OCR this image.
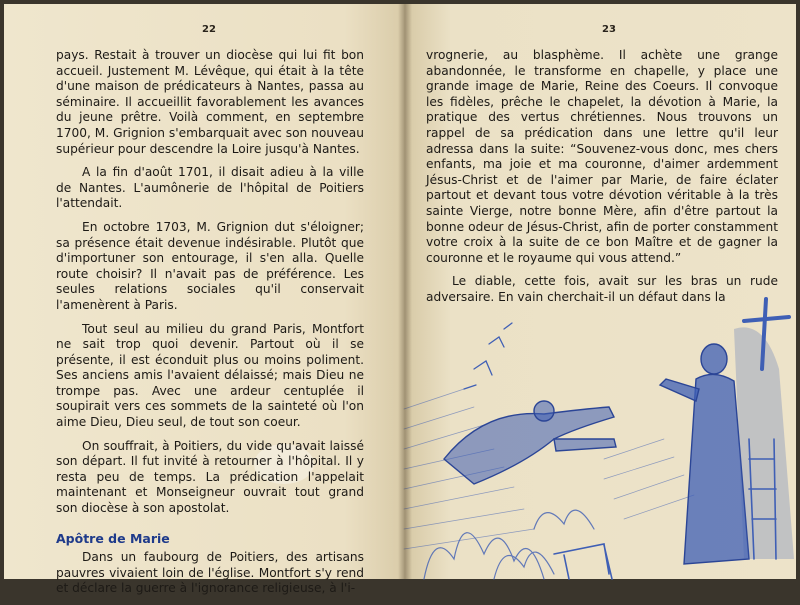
22

pays. Restait à trouver un diocèse qui lui fit bon accueil. Justement M. Lévêque, qui était à la tête d'une maison de prédicateurs à Nantes, passa au séminaire. Il accueillit favorablement les avances du jeune prêtre. Voilà comment, en septembre 1700, M. Grignion s'embarquait avec son nouveau supérieur pour descendre la Loire jusqu'à Nantes.

A la fin d'août 1701, il disait adieu à la ville de Nantes. L'aumônerie de l'hôpital de Poitiers l'attendait.

En octobre 1703, M. Grignion dut s'éloigner; sa présence était devenue indésirable. Plutôt que d'importuner son entourage, il s'en alla. Quelle route choisir? Il n'avait pas de préférence. Les seules relations sociales qu'il conservait l'amenèrent à Paris.

Tout seul au milieu du grand Paris, Montfort ne sait trop quoi devenir. Partout où il se présente, il est éconduit plus ou moins poliment. Ses anciens amis l'avaient délaissé; mais Dieu ne trompe pas. Avec une ardeur centuplée il soupirait vers ces sommets de la sainteté où l'on aime Dieu, Dieu seul, de tout son coeur.

On souffrait, à Poitiers, du vide qu'avait laissé son départ. Il fut invité à retourner à l'hôpital. Il y resta peu de temps. La prédication l'appelait maintenant et Monseigneur ouvrait tout grand son diocèse à son apostolat.

Apôtre de Marie

Dans un faubourg de Poitiers, des artisans pauvres vivaient loin de l'église. Montfort s'y rend et déclare la guerre à l'ignorance religieuse, à l'i-

23

vrognerie, au blasphème. Il achète une grange abandonnée, le transforme en chapelle, y place une grande image de Marie, Reine des Coeurs. Il convoque les fidèles, prêche le chapelet, la dévotion à Marie, la pratique des vertus chrétiennes. Nous trouvons un rappel de sa prédication dans une lettre qu'il leur adressa dans la suite: “Souvenez-vous donc, mes chers enfants, ma joie et ma couronne, d'aimer ardemment Jésus-Christ et de l'aimer par Marie, de faire éclater partout et devant tous votre dévotion véritable à la très sainte Vierge, notre bonne Mère, afin d'être partout la bonne odeur de Jésus-Christ, afin de porter constamment votre croix à la suite de ce bon Maître et de gagner la couronne et le royaume qui vous attend.”

Le diable, cette fois, avait sur les bras un rude adversaire. En vain cherchait-il un défaut dans la
